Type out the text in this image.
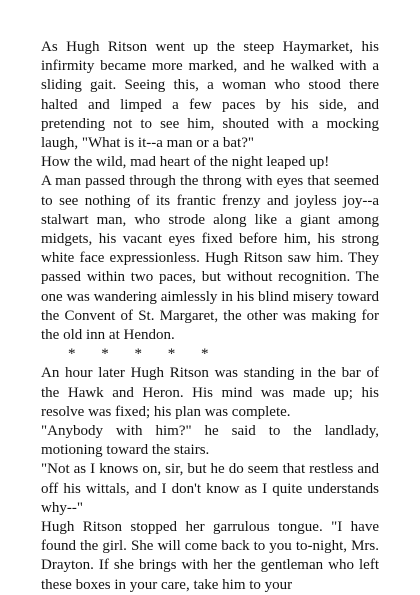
As Hugh Ritson went up the steep Haymarket, his infirmity became more marked, and he walked with a sliding gait. Seeing this, a woman who stood there halted and limped a few paces by his side, and pretending not to see him, shouted with a mocking laugh, "What is it--a man or a bat?"

How the wild, mad heart of the night leaped up!

A man passed through the throng with eyes that seemed to see nothing of its frantic frenzy and joyless joy--a stalwart man, who strode along like a giant among midgets, his vacant eyes fixed before him, his strong white face expressionless. Hugh Ritson saw him. They passed within two paces, but without recognition. The one was wandering aimlessly in his blind misery toward the Convent of St. Margaret, the other was making for the old inn at Hendon.

* * * * *

An hour later Hugh Ritson was standing in the bar of the Hawk and Heron. His mind was made up; his resolve was fixed; his plan was complete.

"Anybody with him?" he said to the landlady, motioning toward the stairs.

"Not as I knows on, sir, but he do seem that restless and off his wittals, and I don't know as I quite understands why--"

Hugh Ritson stopped her garrulous tongue. "I have found the girl. She will come back to you to-night, Mrs. Drayton. If she brings with her the gentleman who left these boxes in your care, take him to your
